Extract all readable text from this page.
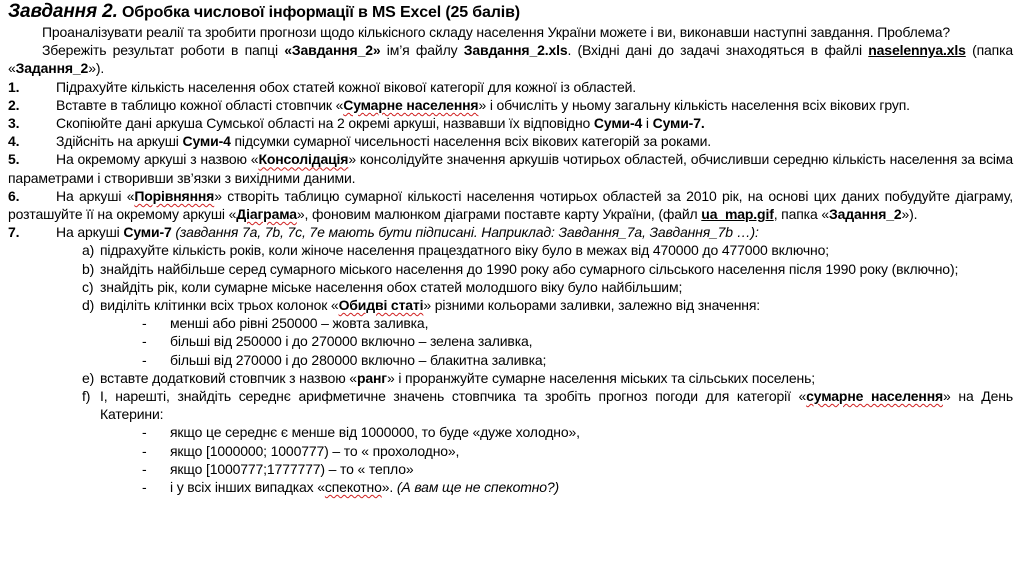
Завдання 2. Обробка числової інформації в MS Excel (25 балів)

Проаналізувати реалії та зробити прогнози щодо кількісного складу населення України можете і ви, виконавши наступні завдання. Проблема?

Збережіть результат роботи в папці «Завдання_2» ім’я файлу Завдання_2.xls. (Вхідні дані до задачі знаходяться в файлі naselennya.xls (папка «Задання_2»).

1.	Підрахуйте кількість населення обох статей кожної вікової категорії для кожної із областей.

2.	Вставте в таблицю кожної області стовпчик «Сумарне населення» і обчисліть у ньому загальну кількість населення всіх вікових груп.

3.	Скопіюйте дані аркуша Сумської області на 2 окремі аркуші, назвавши їх відповідно Суми-4 і Суми-7.

4.	Здійсніть на аркуші Суми-4 підсумки сумарної чисельності населення всіх вікових категорій за роками.

5.	На окремому аркуші з назвою «Консолідація» консолідуйте значення аркушів чотирьох областей, обчисливши середню кількість населення за всіма параметрами і створивши зв’язки з вихідними даними.

6.	На аркуші «Порівняння» створіть таблицю сумарної кількості населення чотирьох областей за 2010 рік, на основі цих даних побудуйте діаграму, розташуйте її на окремому аркуші «Діаграма», фоновим малюнком діаграми поставте карту України, (файл ua_map.gif, папка «Задання_2»).

7.	На аркуші Суми-7 (завдання 7а, 7b, 7c, 7e мають бути підписані. Наприклад: Завдання_7а, Завдання_7b …):

a) підрахуйте кількість років, коли жіноче населення працездатного віку було в межах від 470000 до 477000 включно;
b) знайдіть найбільше серед сумарного міського населення до 1990 року або сумарного сільського населення після 1990 року (включно);
c) знайдіть рік, коли сумарне міське населення обох статей молодшого віку було найбільшим;
d) виділіть клітинки всіх трьох колонок «Обидві статі» різними кольорами заливки, залежно від значення:
-	менші або рівні 250000 – жовта заливка,
-	більші від 250000 і до 270000 включно – зелена заливка,
-	більші від 270000 і до 280000 включно – блакитна заливка;
e) вставте додатковий стовпчик з назвою «ранг» і проранжуйте сумарне населення міських та сільських поселень;
f) І, нарешті, знайдіть середнє арифметичне значень стовпчика та зробіть прогноз погоди для категорії «сумарне населення» на День Катерини:
-	якщо це середнє є менше від 1000000, то буде «дуже холодно»,
-	якщо [1000000; 1000777) – то « прохолодно»,
-	якщо [1000777;1777777) – то « тепло»
-	і у всіх інших випадках «спекотно». (А вам ще не спекотно?)
